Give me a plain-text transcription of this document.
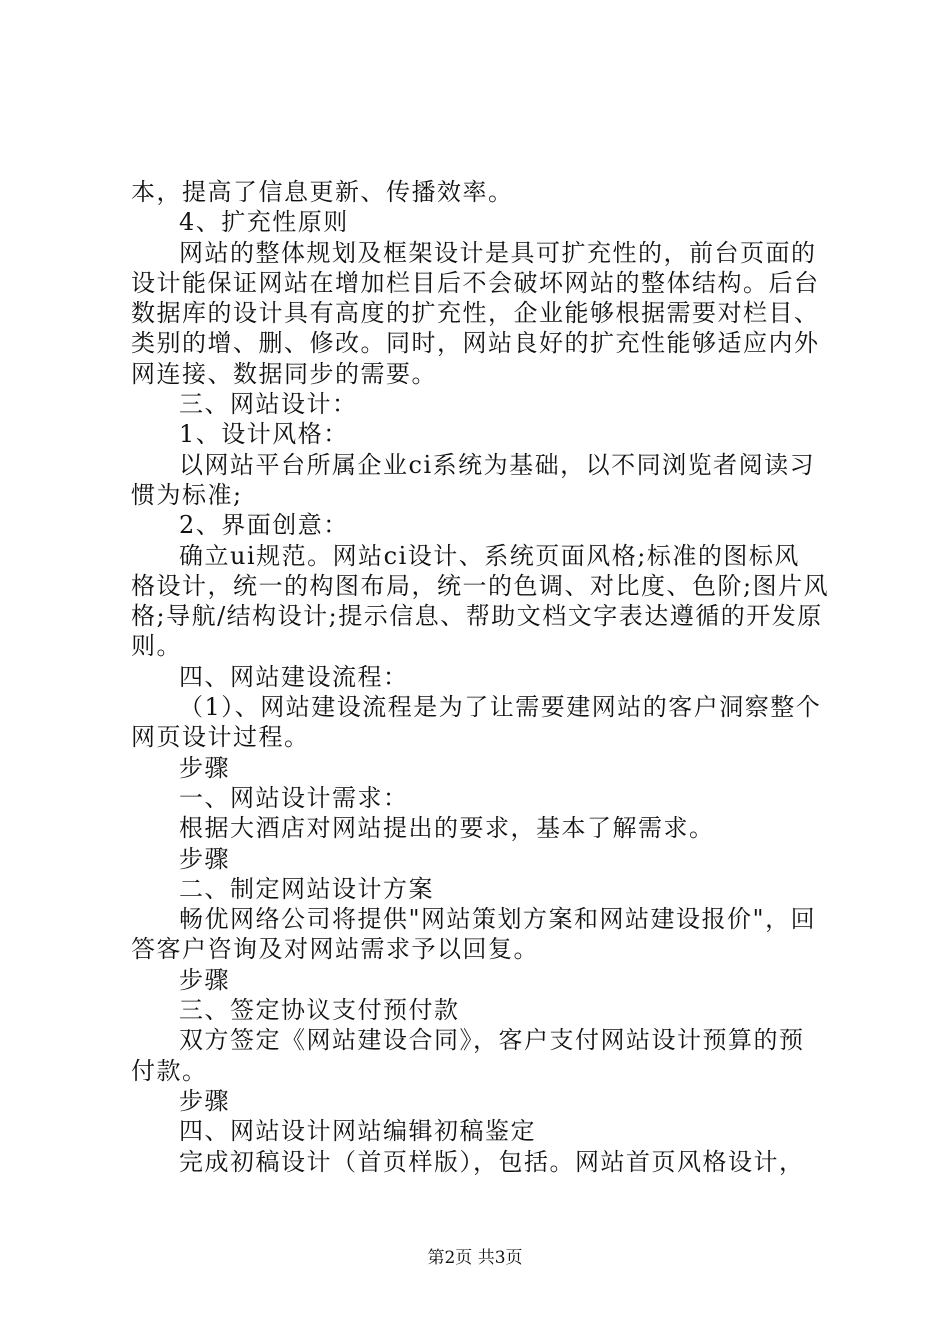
本，提高了信息更新、传播效率。
4、扩充性原则
网站的整体规划及框架设计是具可扩充性的，前台页面的
设计能保证网站在增加栏目后不会破坏网站的整体结构。后台
数据库的设计具有高度的扩充性，企业能够根据需要对栏目、
类别的增、删、修改。同时，网站良好的扩充性能够适应内外
网连接、数据同步的需要。
三、网站设计：
1、设计风格：
以网站平台所属企业ci系统为基础，以不同浏览者阅读习
惯为标准;
2、界面创意：
确立ui规范。网站ci设计、系统页面风格;标准的图标风
格设计，统一的构图布局，统一的色调、对比度、色阶;图片风
格;导航/结构设计;提示信息、帮助文档文字表达遵循的开发原
则。
四、网站建设流程：
（1）、网站建设流程是为了让需要建网站的客户洞察整个
网页设计过程。
步骤
一、网站设计需求：
根据大酒店对网站提出的要求，基本了解需求。
步骤
二、制定网站设计方案
畅优网络公司将提供"网站策划方案和网站建设报价"，回
答客户咨询及对网站需求予以回复。
步骤
三、签定协议支付预付款
双方签定《网站建设合同》，客户支付网站设计预算的预
付款。
步骤
四、网站设计网站编辑初稿鉴定
完成初稿设计（首页样版），包括。网站首页风格设计，
第2页 共3页
